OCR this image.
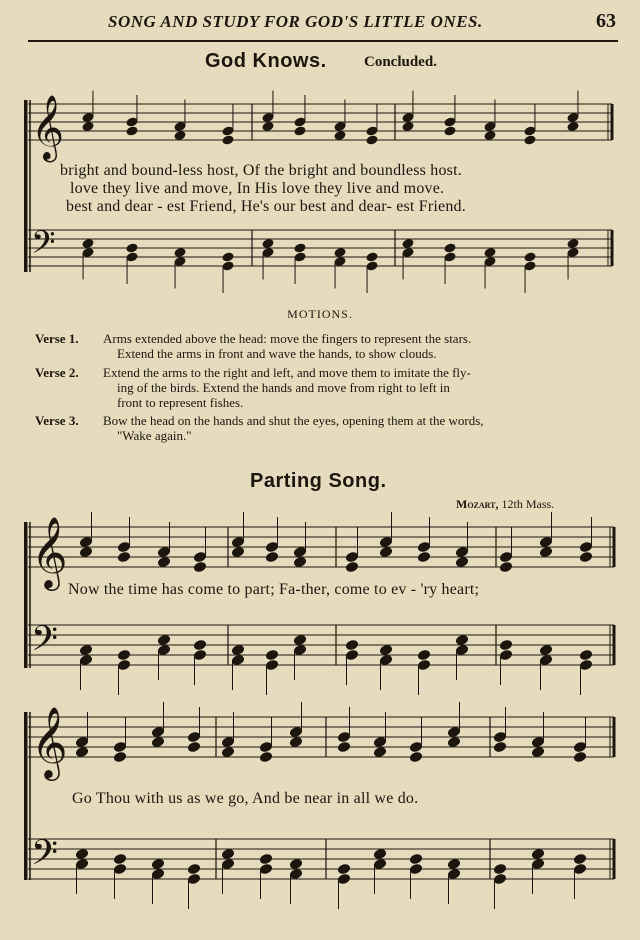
SONG AND STUDY FOR GOD'S LITTLE ONES.	63
God Knows. Concluded.
𝄞
𝄢
𝄞
𝄢
𝄞
𝄢
bright and bound-less host, Of the bright and boundless host.
love they live and move, In His love they live and move.
best and dear - est Friend, He's our best and dear- est Friend.
MOTIONS.
Verse 1. Arms extended above the head: move the fingers to represent the stars.
Extend the arms in front and wave the hands, to show clouds.
Verse 2. Extend the arms to the right and left, and move them to imitate the fly-
ing of the birds. Extend the hands and move from right to left in
front to represent fishes.
Verse 3. Bow the head on the hands and shut the eyes, opening them at the words,
"Wake again."
Parting Song.
Mozart, 12th Mass.
Now the time has come to part; Fa-ther, come to ev - 'ry heart;
Go Thou with us as we go, And be near in all we do.
